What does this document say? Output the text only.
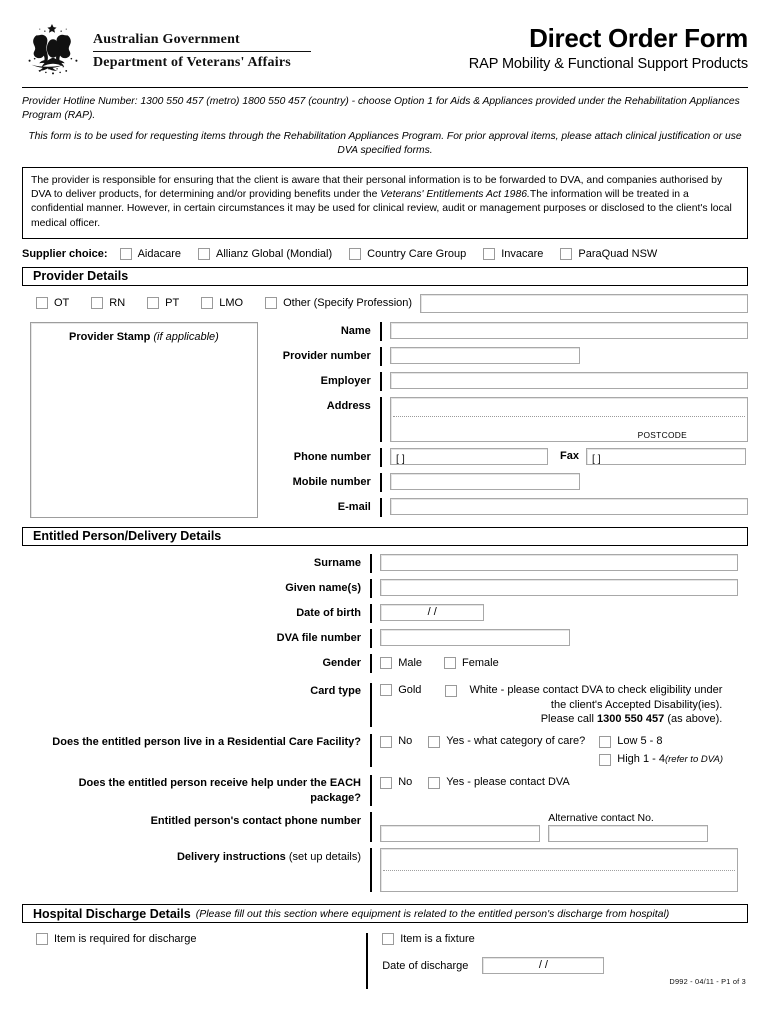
Australian Government
Department of Veterans' Affairs
Direct Order Form
RAP Mobility & Functional Support Products
Provider Hotline Number: 1300 550 457 (metro) 1800 550 457 (country) - choose Option 1 for Aids & Appliances provided under the Rehabilitation Appliances Program (RAP).
This form is to be used for requesting items through the Rehabilitation Appliances Program. For prior approval items, please attach clinical justification or use DVA specified forms.
The provider is responsible for ensuring that the client is aware that their personal information is to be forwarded to DVA, and companies authorised by DVA to deliver products, for determining and/or providing benefits under the Veterans' Entitlements Act 1986.The information will be treated in a confidential manner. However, in certain circumstances it may be used for clinical review, audit or management purposes or disclosed to the client's local medical officer.
Supplier choice:	Aidacare	Allianz Global (Mondial)	Country Care Group	Invacare	ParaQuad NSW
Provider Details
OT	RN	PT	LMO	Other (Specify Profession)
Provider Stamp (if applicable)	Name
Provider number
Employer
Address
POSTCODE
Phone number	[ ]	Fax	[ ]
Mobile number
E-mail
Entitled Person/Delivery Details
Surname
Given name(s)
Date of birth	/ /
DVA file number
Gender	Male	Female
Card type	Gold	White - please contact DVA to check eligibility under
the client's Accepted Disability(ies).
Please call 1300 550 457 (as above).
Does the entitled person live in a Residential Care Facility?	No	Yes - what category of care?	Low 5 - 8
High 1 - 4 (refer to DVA)
Does the entitled person receive help under the EACH
package?
No	Yes - please contact DVA
Entitled person's contact phone number	Alternative contact No.
Delivery instructions (set up details)
Hospital Discharge Details (Please fill out this section where equipment is related to the entitled person's discharge from hospital)
Item is required for discharge	Item is a fixture
Date of discharge	/ /
D992 - 04/11 - P1 of 3
